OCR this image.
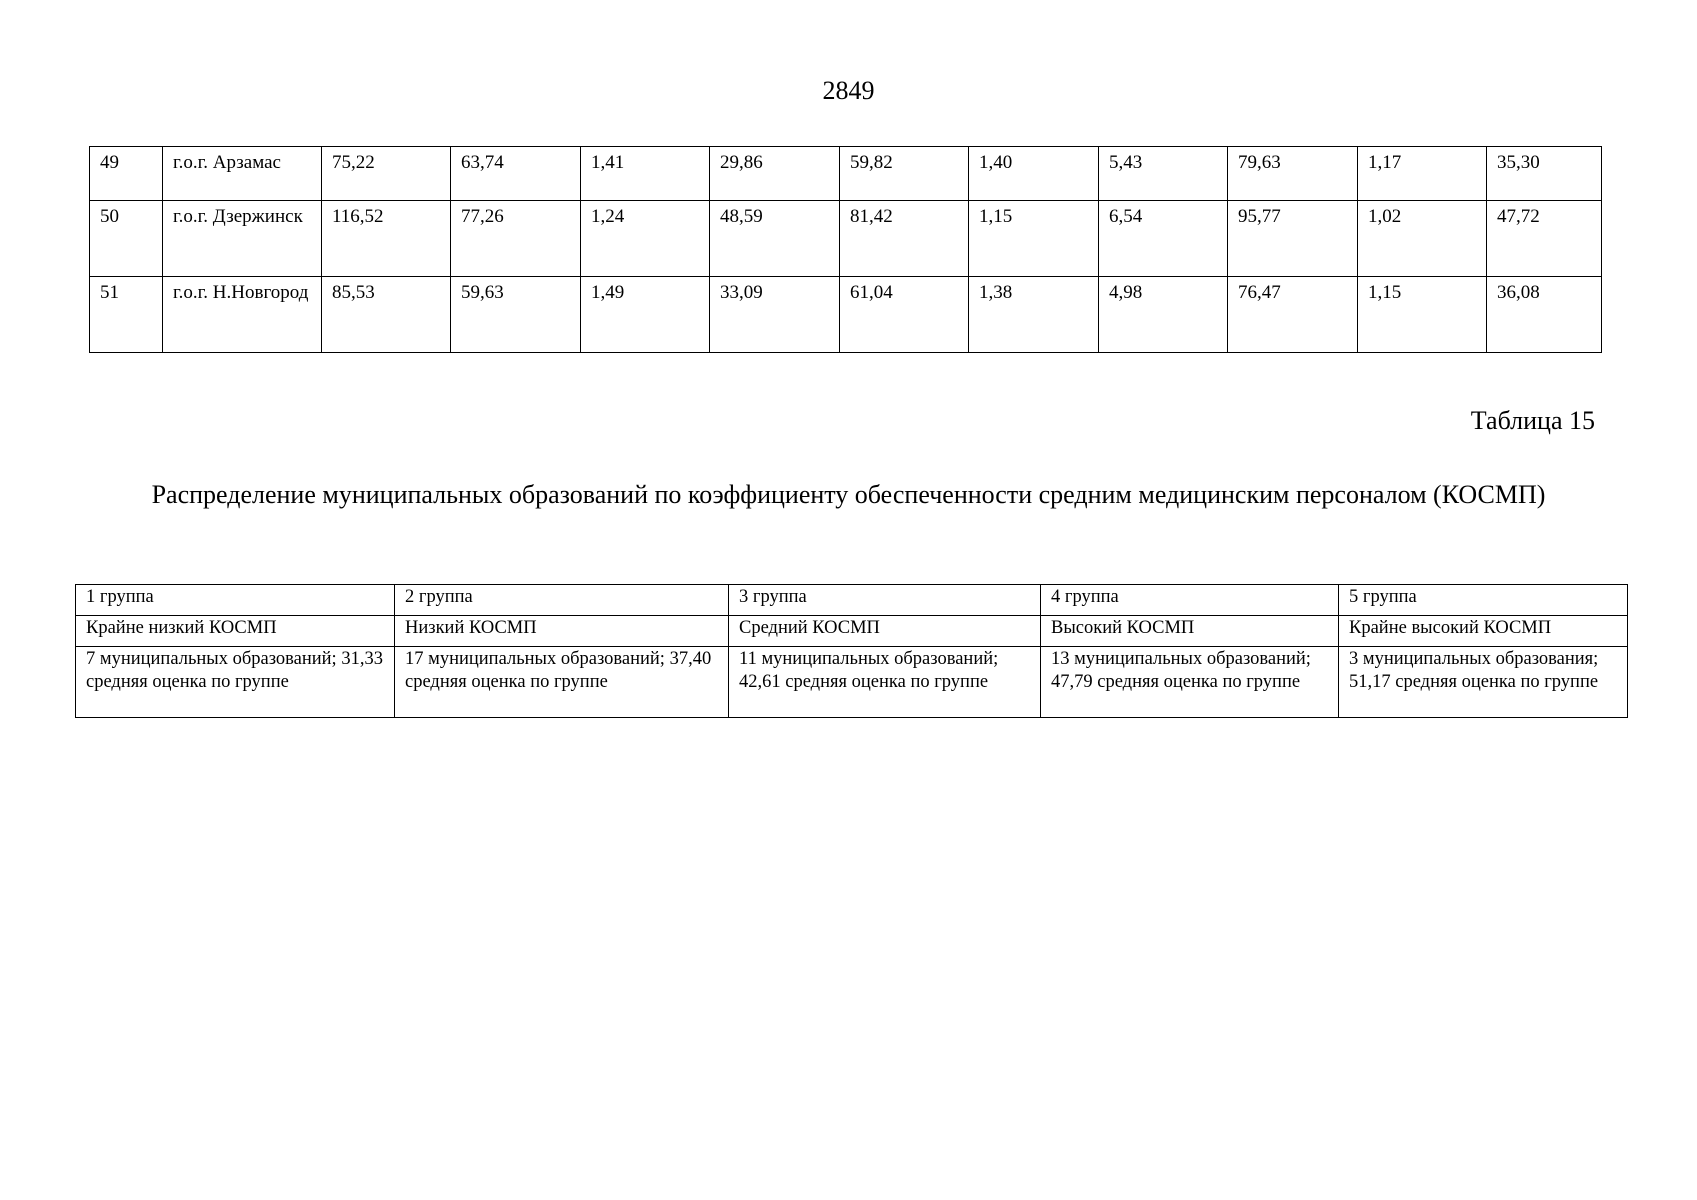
2849
49	г.о.г. Арзамас	75,22	63,74	1,41	29,86	59,82	1,40	5,43	79,63	1,17	35,30
50	г.о.г. Дзержинск	116,52	77,26	1,24	48,59	81,42	1,15	6,54	95,77	1,02	47,72
51	г.о.г. Н.Новгород	85,53	59,63	1,49	33,09	61,04	1,38	4,98	76,47	1,15	36,08
Таблица 15
Распределение муниципальных образований по коэффициенту обеспеченности средним медицинским персоналом (КОСМП)
1 группа	2 группа	3 группа	4 группа	5 группа
Крайне низкий КОСМП	Низкий КОСМП	Средний КОСМП	Высокий КОСМП	Крайне высокий КОСМП
7 муниципальных образований; 31,33 средняя оценка по группе	17 муниципальных образований; 37,40 средняя оценка по группе	11 муниципальных образований; 42,61 средняя оценка по группе	13 муниципальных образований; 47,79 средняя оценка по группе	3 муниципальных образования; 51,17 средняя оценка по группе
